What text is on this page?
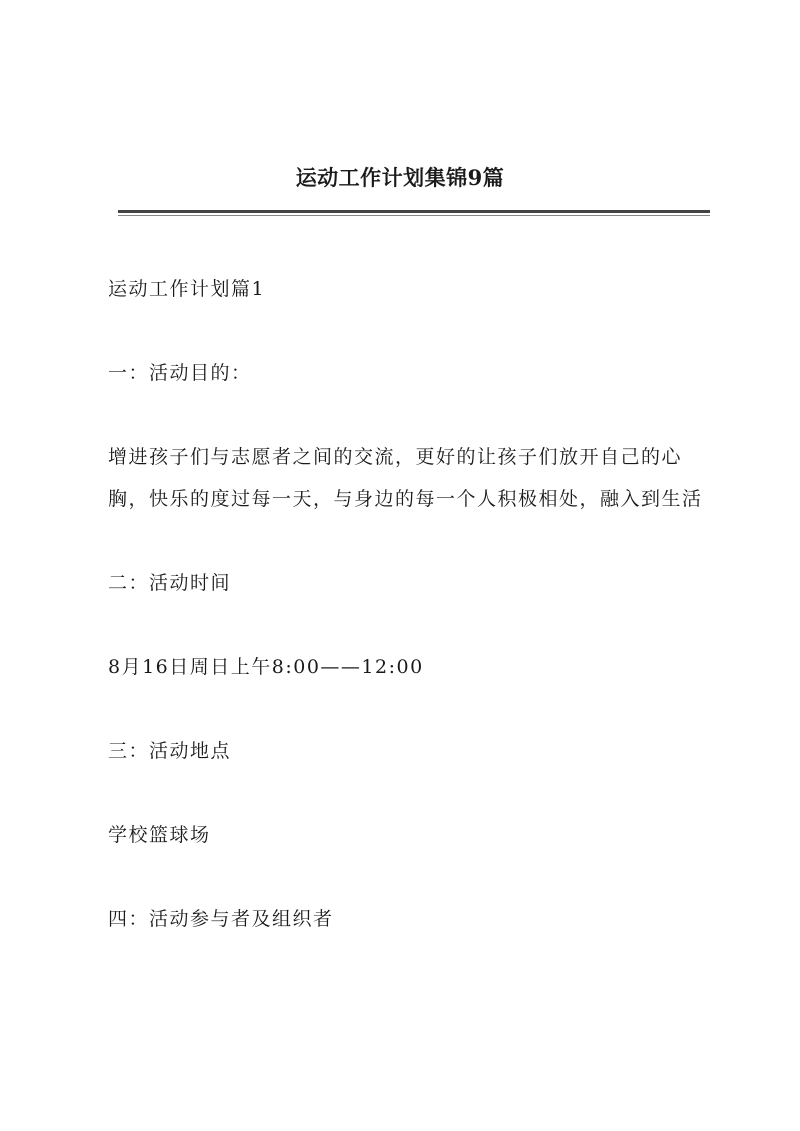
运动工作计划集锦9篇

运动工作计划篇1

一：活动目的：

增进孩子们与志愿者之间的交流，更好的让孩子们放开自己的心胸，快乐的度过每一天，与身边的每一个人积极相处，融入到生活

二：活动时间

8月16日周日上午8:00——12:00

三：活动地点

学校篮球场

四：活动参与者及组织者
